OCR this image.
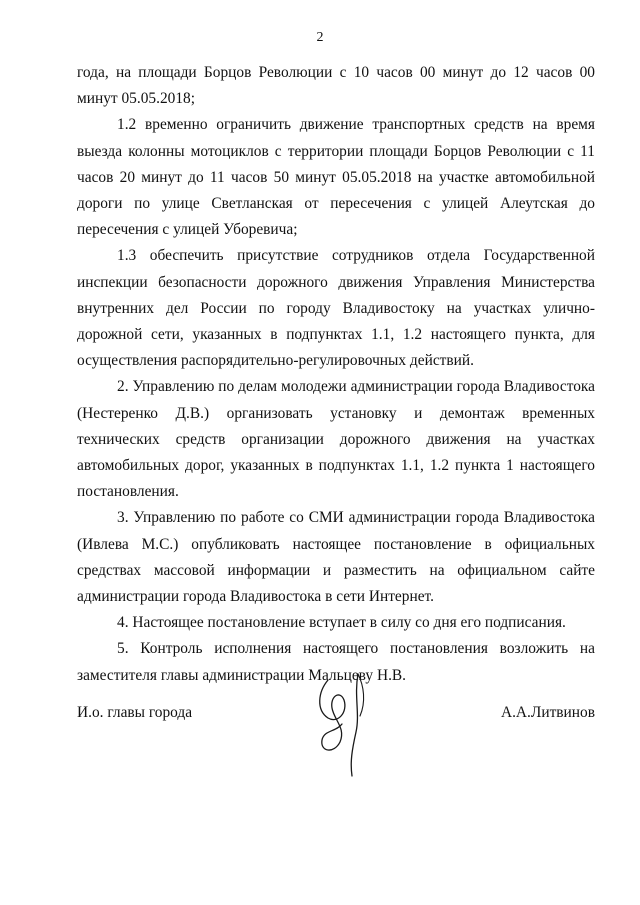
2

года, на площади Борцов Революции с 10 часов 00 минут до 12 часов 00 минут 05.05.2018;

1.2 временно ограничить движение транспортных средств на время выезда колонны мотоциклов с территории площади Борцов Революции с 11 часов 20 минут до 11 часов 50 минут 05.05.2018 на участке автомобильной дороги по улице Светланская от пересечения с улицей Алеутская до пересечения с улицей Уборевича;

1.3 обеспечить присутствие сотрудников отдела Государственной инспекции безопасности дорожного движения Управления Министерства внутренних дел России по городу Владивостоку на участках улично-дорожной сети, указанных в подпунктах 1.1, 1.2 настоящего пункта, для осуществления распорядительно-регулировочных действий.

2. Управлению по делам молодежи администрации города Владивостока (Нестеренко Д.В.) организовать установку и демонтаж временных технических средств организации дорожного движения на участках автомобильных дорог, указанных в подпунктах 1.1, 1.2 пункта 1 настоящего постановления.

3. Управлению по работе со СМИ администрации города Владивостока (Ивлева М.С.) опубликовать настоящее постановление в официальных средствах массовой информации и разместить на официальном сайте администрации города Владивостока в сети Интернет.

4. Настоящее постановление вступает в силу со дня его подписания.

5. Контроль исполнения настоящего постановления возложить на заместителя главы администрации Мальцеву Н.В.

И.о. главы города	А.А.Литвинов
